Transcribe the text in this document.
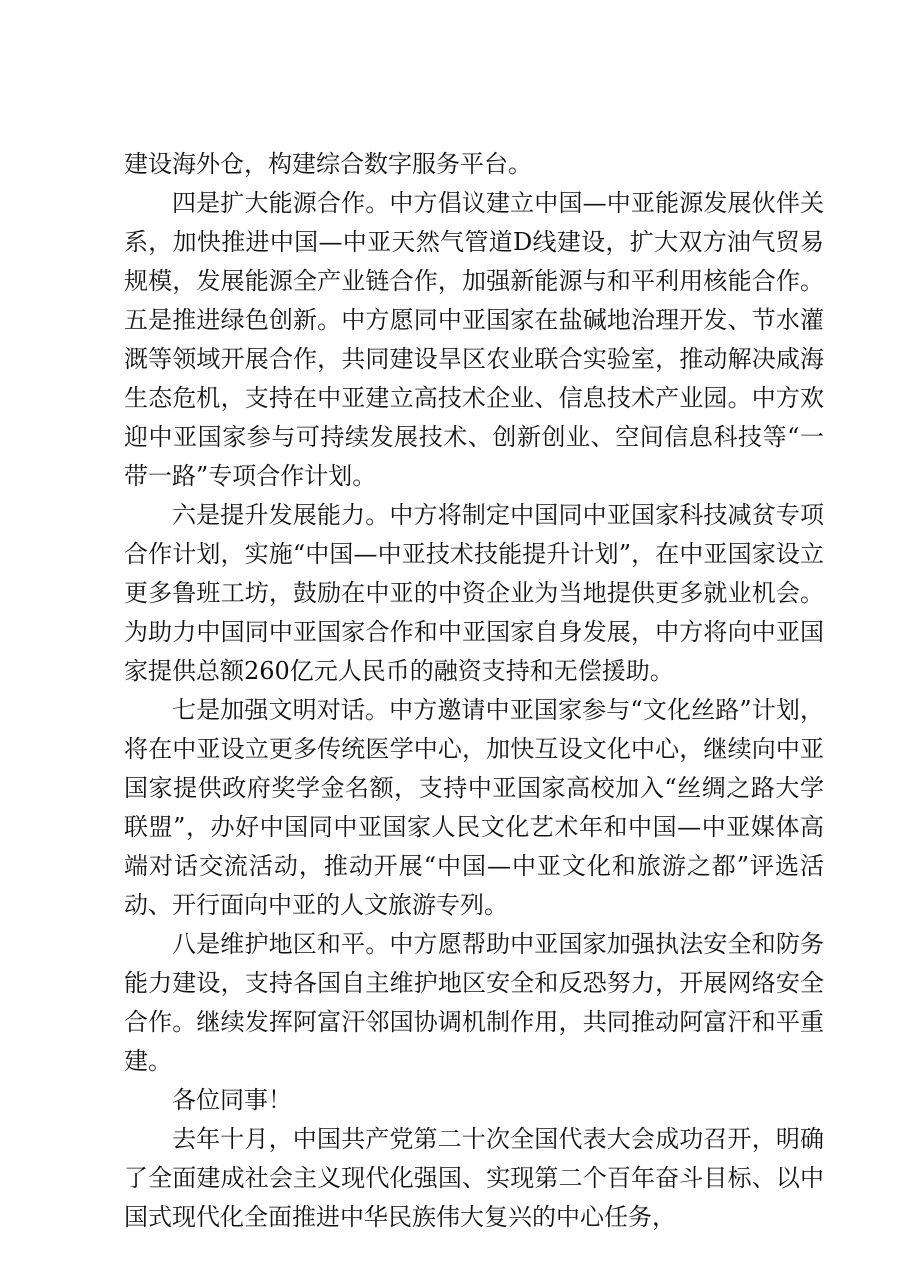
建设海外仓，构建综合数字服务平台。

四是扩大能源合作。中方倡议建立中国—中亚能源发展伙伴关系，加快推进中国—中亚天然气管道D线建设，扩大双方油气贸易规模，发展能源全产业链合作，加强新能源与和平利用核能合作。五是推进绿色创新。中方愿同中亚国家在盐碱地治理开发、节水灌溉等领域开展合作，共同建设旱区农业联合实验室，推动解决咸海生态危机，支持在中亚建立高技术企业、信息技术产业园。中方欢迎中亚国家参与可持续发展技术、创新创业、空间信息科技等“一带一路”专项合作计划。

六是提升发展能力。中方将制定中国同中亚国家科技减贫专项合作计划，实施“中国—中亚技术技能提升计划”，在中亚国家设立更多鲁班工坊，鼓励在中亚的中资企业为当地提供更多就业机会。为助力中国同中亚国家合作和中亚国家自身发展，中方将向中亚国家提供总额260亿元人民币的融资支持和无偿援助。

七是加强文明对话。中方邀请中亚国家参与“文化丝路”计划，将在中亚设立更多传统医学中心，加快互设文化中心，继续向中亚国家提供政府奖学金名额，支持中亚国家高校加入“丝绸之路大学联盟”，办好中国同中亚国家人民文化艺术年和中国—中亚媒体高端对话交流活动，推动开展“中国—中亚文化和旅游之都”评选活动、开行面向中亚的人文旅游专列。

八是维护地区和平。中方愿帮助中亚国家加强执法安全和防务能力建设，支持各国自主维护地区安全和反恐努力，开展网络安全合作。继续发挥阿富汗邻国协调机制作用，共同推动阿富汗和平重建。

各位同事！

去年十月，中国共产党第二十次全国代表大会成功召开，明确了全面建成社会主义现代化强国、实现第二个百年奋斗目标、以中国式现代化全面推进中华民族伟大复兴的中心任务，
